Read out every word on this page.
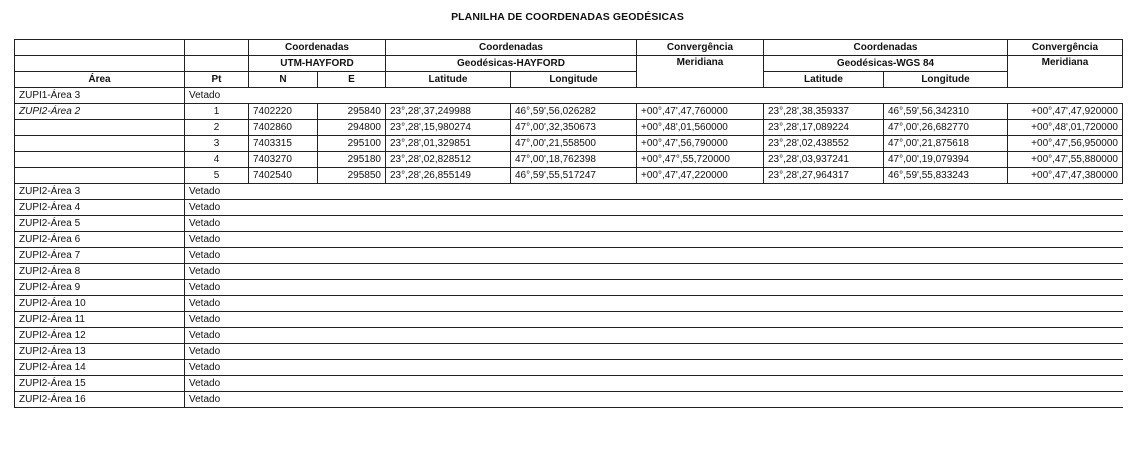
PLANILHA DE COORDENADAS GEODÉSICAS
		Coordenadas		Coordenadas		Convergência	Coordenadas		Convergência
		UTM-HAYFORD		Geodésicas-HAYFORD		Meridiana	Geodésicas-WGS 84		Meridiana
Área	Pt	N	E	Latitude	Longitude		Latitude	Longitude	
ZUPI1-Área 3	Vetado								
ZUPI2-Área 2	1	7402220	295840	23°,28',37,249988	46°,59',56,026282	+00°,47',47,760000	23°,28',38,359337	46°,59',56,342310	+00°,47',47,920000
	2	7402860	294800	23°,28',15,980274	47°,00',32,350673	+00°,48',01,560000	23°,28',17,089224	47°,00',26,682770	+00°,48',01,720000
	3	7403315	295100	23°,28',01,329851	47°,00',21,558500	+00°,47',56,790000	23°,28',02,438552	47°,00',21,875618	+00°,47',56,950000
	4	7403270	295180	23°,28',02,828512	47°,00',18,762398	+00°,47°,55,720000	23°,28',03,937241	47°,00',19,079394	+00°,47',55,880000
	5	7402540	295850	23°,28',26,855149	46°,59',55,517247	+00°,47',47,220000	23°,28',27,964317	46°,59',55,833243	+00°,47',47,380000
ZUPI2-Área 3	Vetado								
ZUPI2-Área 4	Vetado								
ZUPI2-Área 5	Vetado								
ZUPI2-Área 6	Vetado								
ZUPI2-Área 7	Vetado								
ZUPI2-Área 8	Vetado								
ZUPI2-Área 9	Vetado								
ZUPI2-Área 10	Vetado								
ZUPI2-Área 11	Vetado								
ZUPI2-Área 12	Vetado								
ZUPI2-Área 13	Vetado								
ZUPI2-Área 14	Vetado								
ZUPI2-Área 15	Vetado								
ZUPI2-Área 16	Vetado								
